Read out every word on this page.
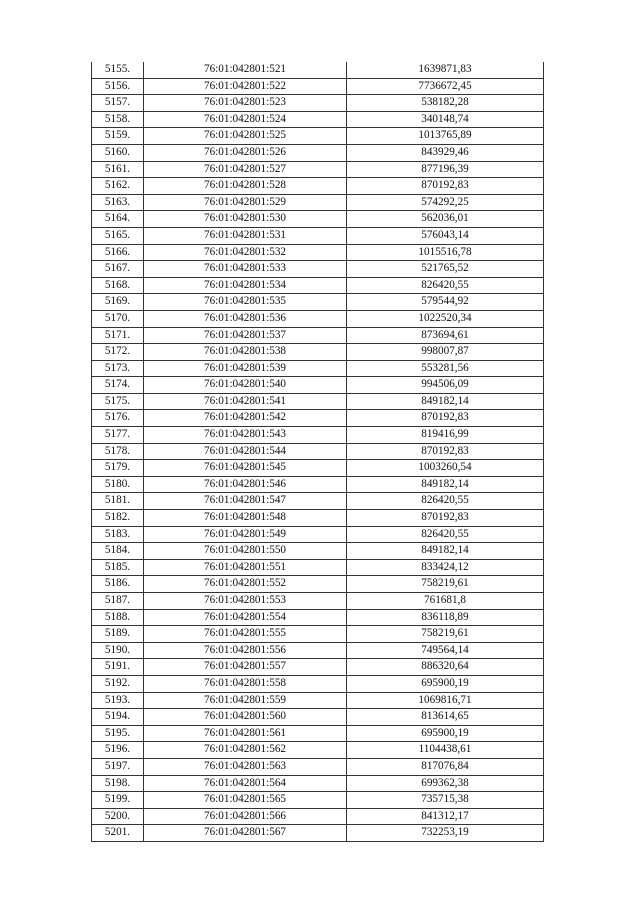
5155.	76:01:042801:521	1639871,83
5156.	76:01:042801:522	7736672,45
5157.	76:01:042801:523	538182,28
5158.	76:01:042801:524	340148,74
5159.	76:01:042801:525	1013765,89
5160.	76:01:042801:526	843929,46
5161.	76:01:042801:527	877196,39
5162.	76:01:042801:528	870192,83
5163.	76:01:042801:529	574292,25
5164.	76:01:042801:530	562036,01
5165.	76:01:042801:531	576043,14
5166.	76:01:042801:532	1015516,78
5167.	76:01:042801:533	521765,52
5168.	76:01:042801:534	826420,55
5169.	76:01:042801:535	579544,92
5170.	76:01:042801:536	1022520,34
5171.	76:01:042801:537	873694,61
5172.	76:01:042801:538	998007,87
5173.	76:01:042801:539	553281,56
5174.	76:01:042801:540	994506,09
5175.	76:01:042801:541	849182,14
5176.	76:01:042801:542	870192,83
5177.	76:01:042801:543	819416,99
5178.	76:01:042801:544	870192,83
5179.	76:01:042801:545	1003260,54
5180.	76:01:042801:546	849182,14
5181.	76:01:042801:547	826420,55
5182.	76:01:042801:548	870192,83
5183.	76:01:042801:549	826420,55
5184.	76:01:042801:550	849182,14
5185.	76:01:042801:551	833424,12
5186.	76:01:042801:552	758219,61
5187.	76:01:042801:553	761681,8
5188.	76:01:042801:554	836118,89
5189.	76:01:042801:555	758219,61
5190.	76:01:042801:556	749564,14
5191.	76:01:042801:557	886320,64
5192.	76:01:042801:558	695900,19
5193.	76:01:042801:559	1069816,71
5194.	76:01:042801:560	813614,65
5195.	76:01:042801:561	695900,19
5196.	76:01:042801:562	1104438,61
5197.	76:01:042801:563	817076,84
5198.	76:01:042801:564	699362,38
5199.	76:01:042801:565	735715,38
5200.	76:01:042801:566	841312,17
5201.	76:01:042801:567	732253,19
